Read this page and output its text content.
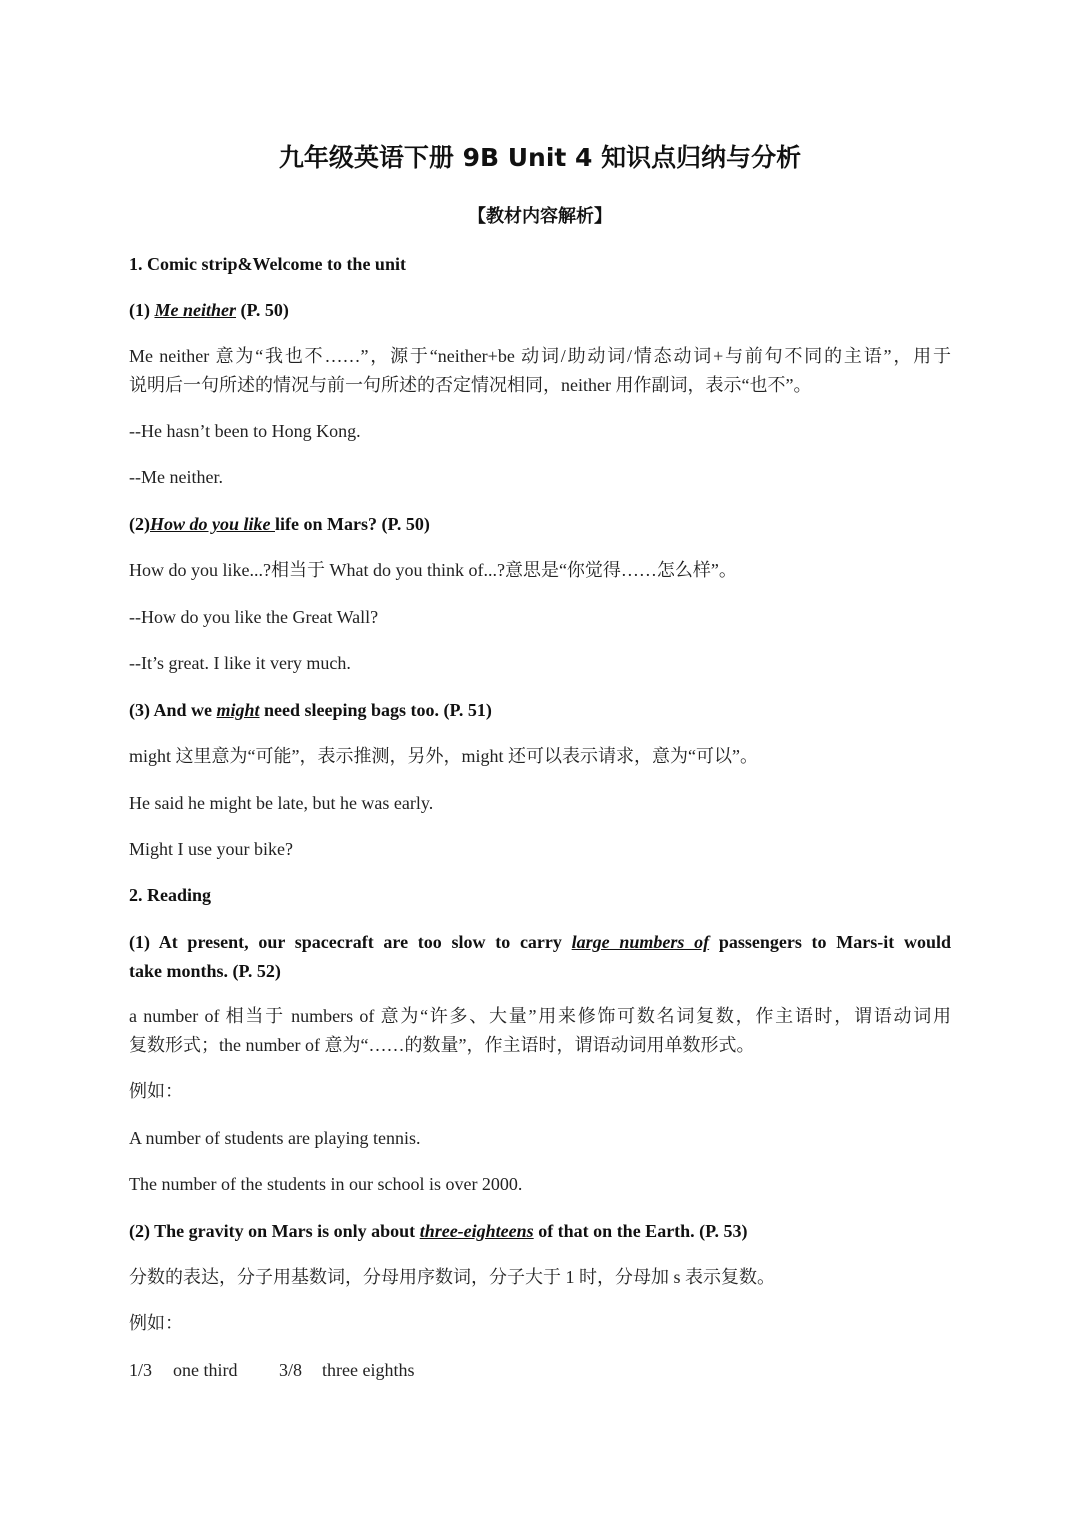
九年级英语下册 9B Unit 4 知识点归纳与分析
【教材内容解析】
1. Comic strip&Welcome to the unit
(1) Me neither (P. 50)
Me neither 意为“我也不……”，源于“neither+be 动词/助动词/情态动词+与前句不同的主语”，用于
说明后一句所述的情况与前一句所述的否定情况相同，neither 用作副词，表示“也不”。
--He hasn’t been to Hong Kong.
--Me neither.
(2)How do you like life on Mars? (P. 50)
How do you like...?相当于 What do you think of...?意思是“你觉得……怎么样”。
--How do you like the Great Wall?
--It’s great. I like it very much.
(3) And we might need sleeping bags too. (P. 51)
might 这里意为“可能”，表示推测，另外，might 还可以表示请求，意为“可以”。
He said he might be late, but he was early.
Might I use your bike?
2. Reading
(1) At present, our spacecraft are too slow to carry large numbers of passengers to Mars-it would
take months. (P. 52)
a number of 相当于 numbers of 意为“许多、大量”用来修饰可数名词复数，作主语时，谓语动词用
复数形式；the number of 意为“……的数量”，作主语时，谓语动词用单数形式。
例如：
A number of students are playing tennis.
The number of the students in our school is over 2000.
(2) The gravity on Mars is only about three-eighteens of that on the Earth. (P. 53)
分数的表达，分子用基数词，分母用序数词，分子大于 1 时，分母加 s 表示复数。
例如：
1/3 one third 3/8 three eighths
